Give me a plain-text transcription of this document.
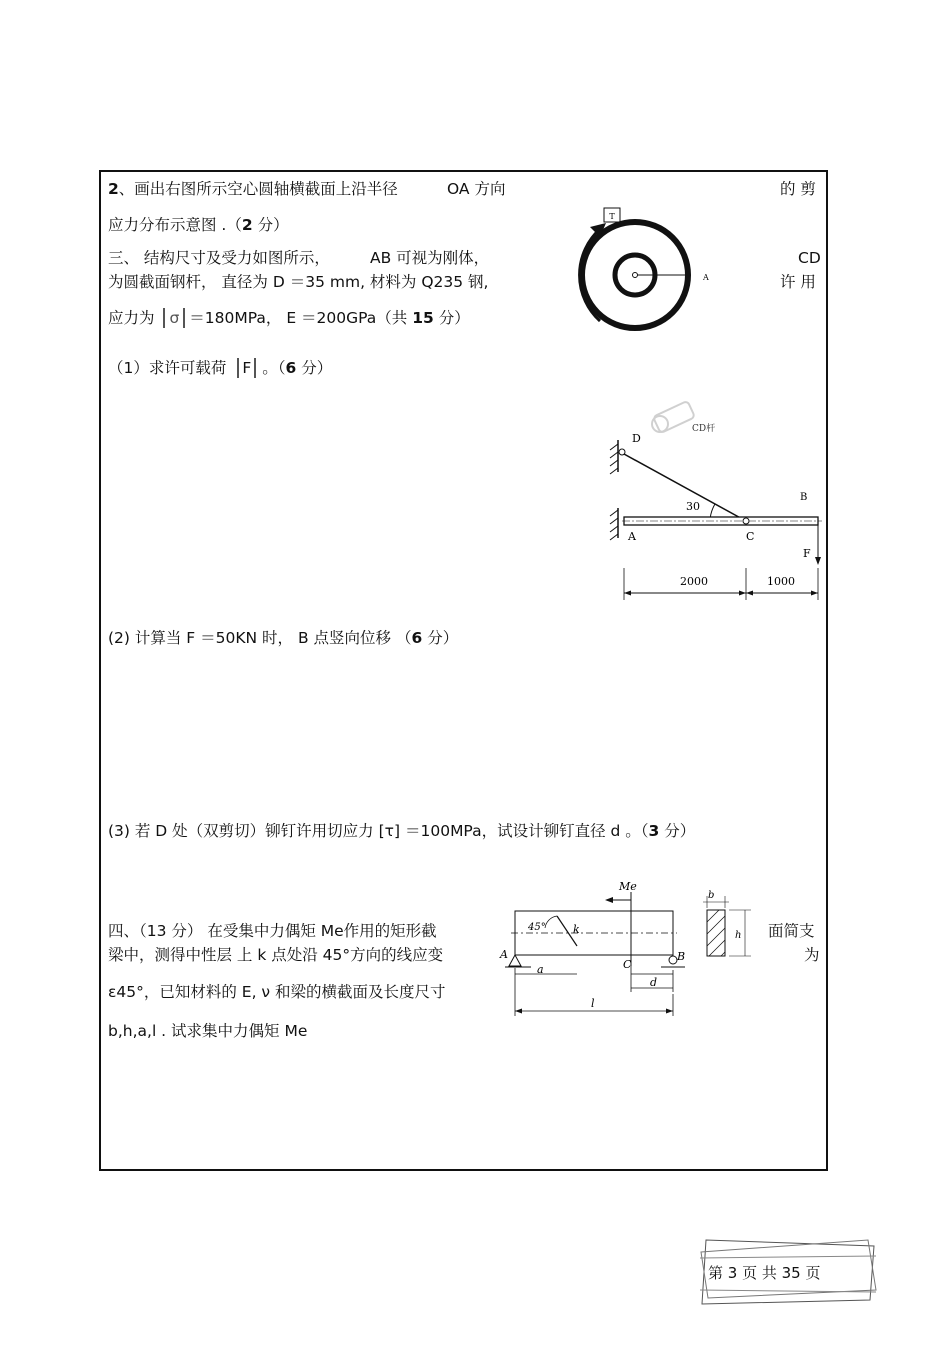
2、画出右图所示空心圆轴横截面上沿半径	OA 方向	的 剪
应力分布示意图 .（2 分）
三、 结构尺寸及受力如图所示，	AB 可视为刚体，	CD
为圆截面钢杆， 直径为 D ＝35 mm, 材料为 Q235 钢,	许 用
应力为 σ ＝180MPa， E ＝200GPa（共 15 分）
（1）求许可载荷 F 。（6 分）
(2) 计算当 F ＝50KN 时， B 点竖向位移 （6 分）
(3) 若 D 处（双剪切）铆钉许用切应力 [τ] ＝100MPa，试设计铆钉直径 d 。（3 分）
四、（13 分） 在受集中力偶矩 Me作用的矩形截	面简支
梁中，测得中性层 上 k 点处沿 45°方向的线应变	为
ε45°，已知材料的 E, ν 和梁的横截面及长度尺寸
b,h,a,l . 试求集中力偶矩 Me
T
A
CD杆
D
30
B
A	C
F
2000	1000
Me
45° k
A	B
C
a
d
l
b
h
第 3 页 共 35 页
